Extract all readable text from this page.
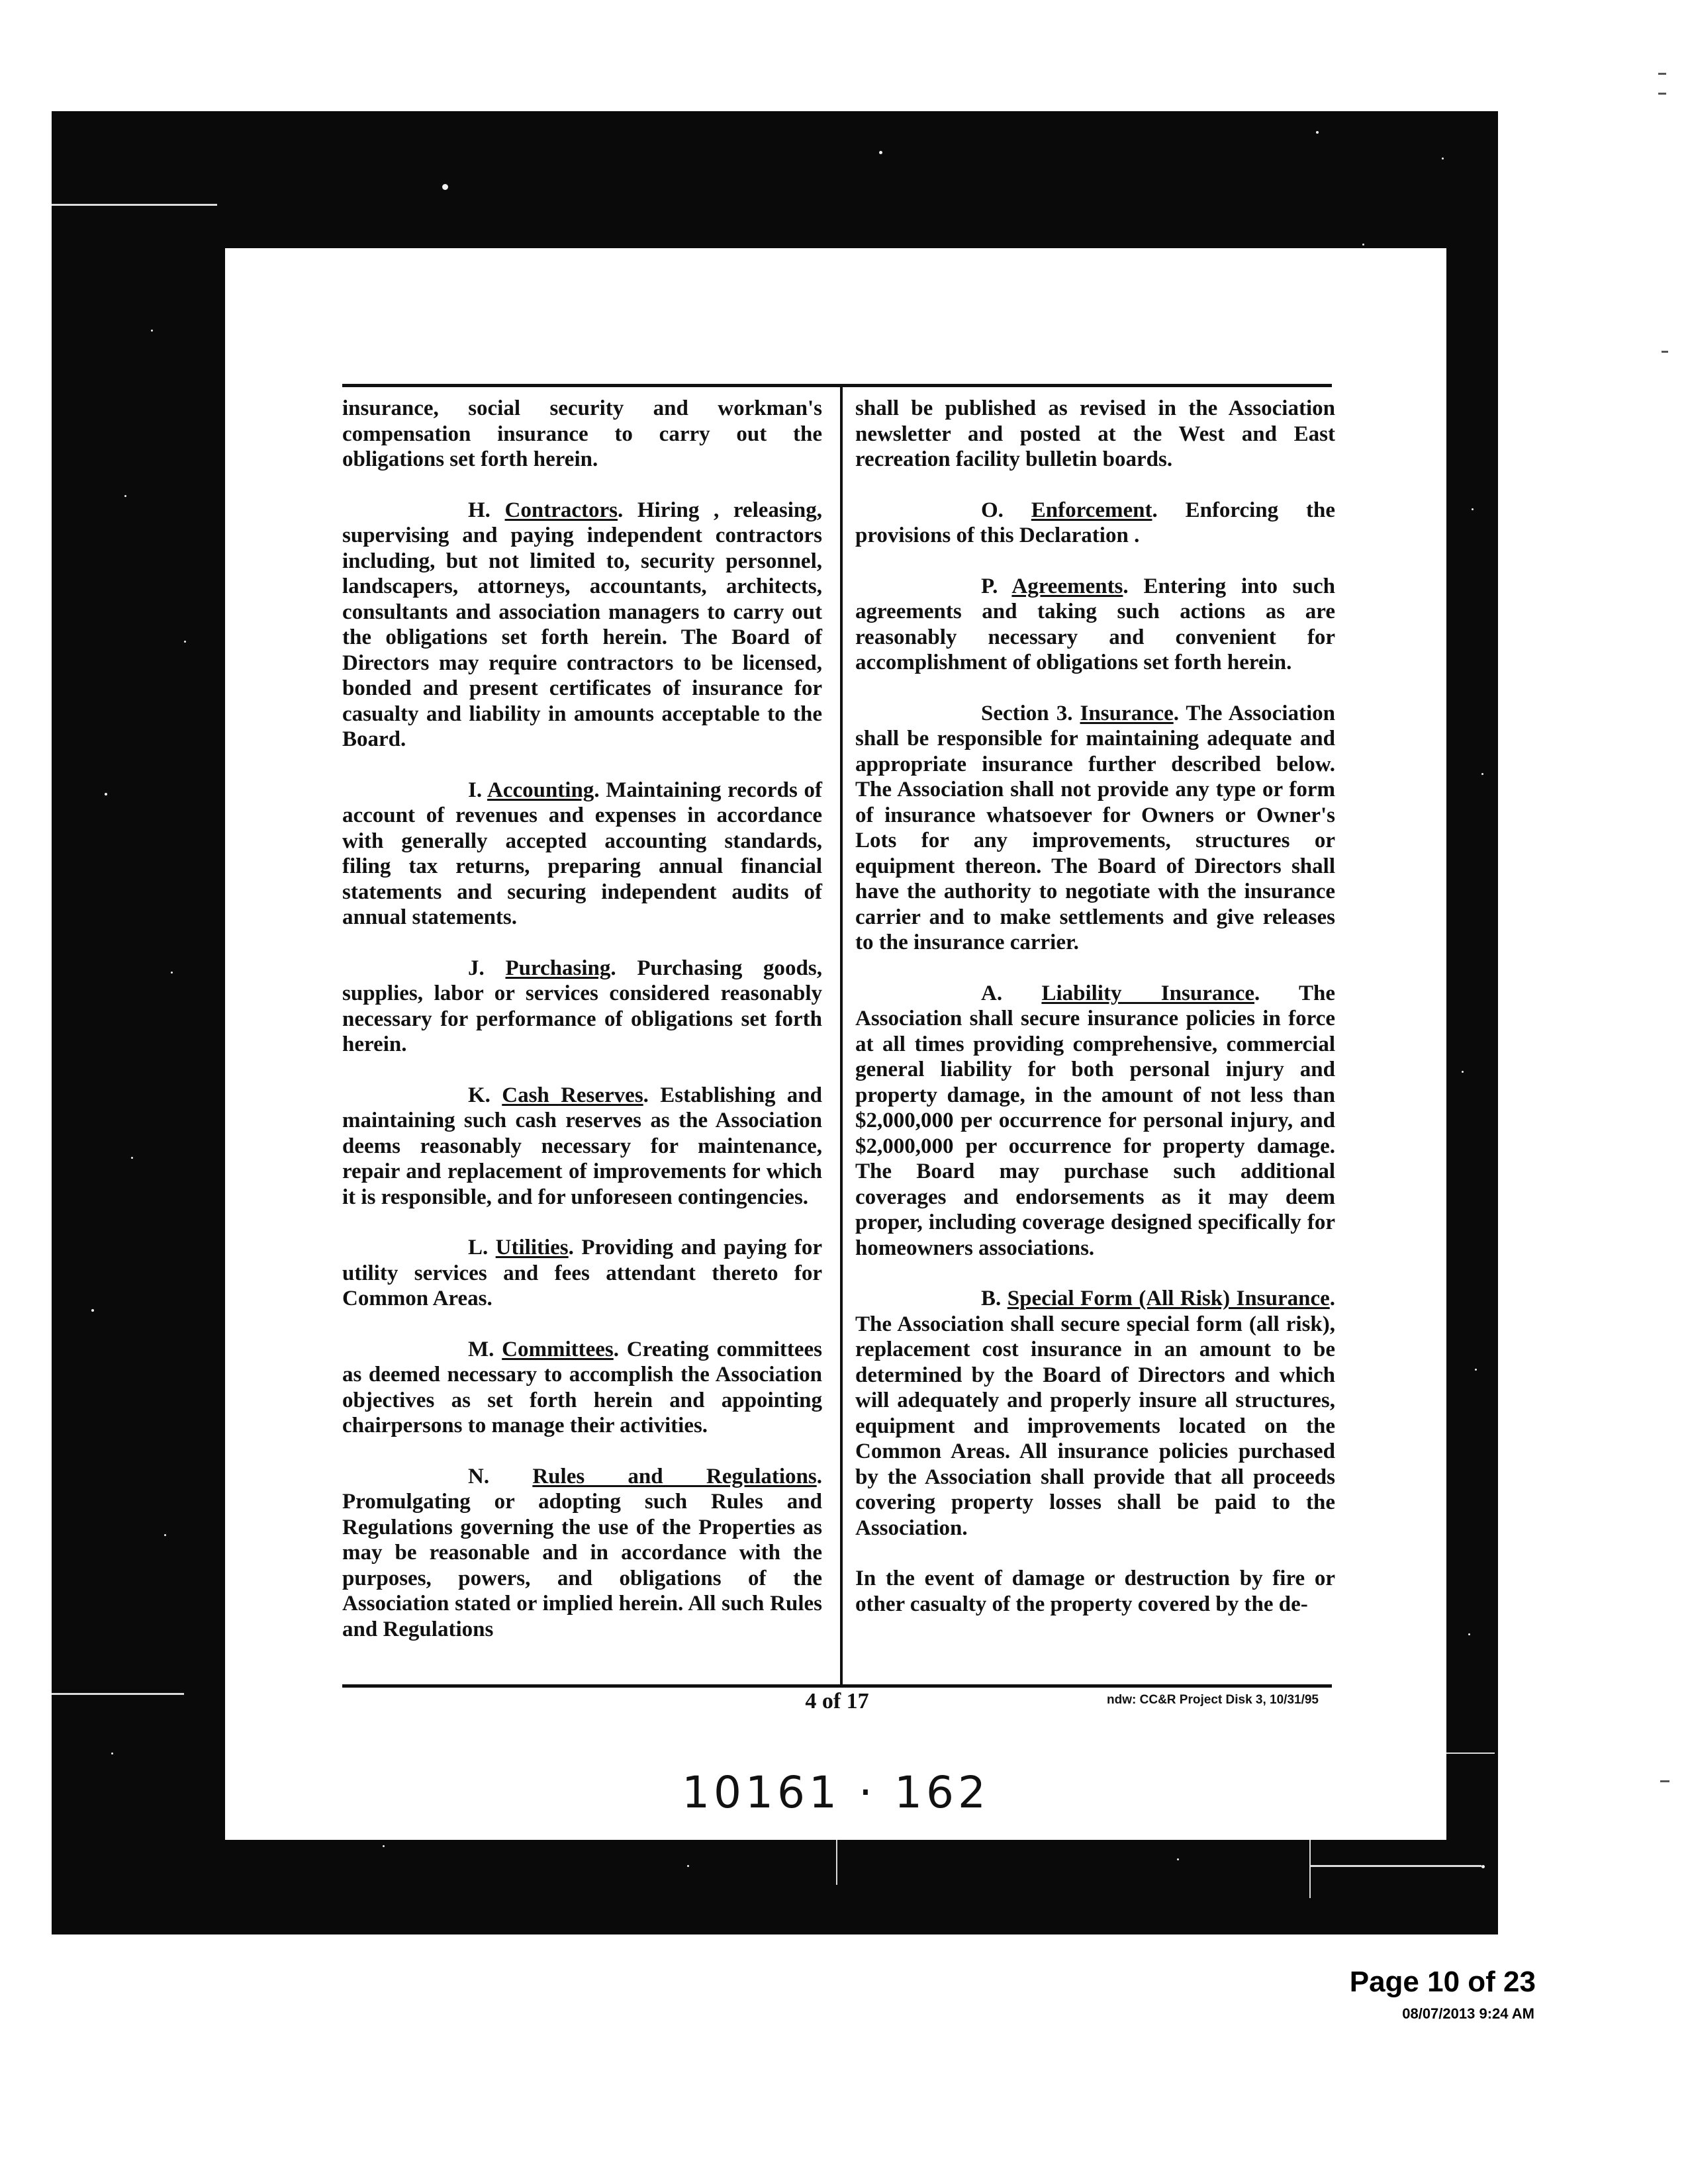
insurance, social security and workman's compensation insurance to carry out the obligations set forth herein.

H. Contractors. Hiring , releasing, supervising and paying independent contractors including, but not limited to, security personnel, landscapers, attorneys, accountants, architects, consultants and association managers to carry out the obligations set forth herein. The Board of Directors may require contractors to be licensed, bonded and present certificates of insurance for casualty and liability in amounts acceptable to the Board.

I. Accounting. Maintaining records of account of revenues and expenses in accordance with generally accepted accounting standards, filing tax returns, preparing annual financial statements and securing independent audits of annual statements.

J. Purchasing. Purchasing goods, supplies, labor or services considered reasonably necessary for performance of obligations set forth herein.

K. Cash Reserves. Establishing and maintaining such cash reserves as the Association deems reasonably necessary for maintenance, repair and replacement of improvements for which it is responsible, and for unforeseen contingencies.

L. Utilities. Providing and paying for utility services and fees attendant thereto for Common Areas.

M. Committees. Creating committees as deemed necessary to accomplish the Association objectives as set forth herein and appointing chairpersons to manage their activities.

N. Rules and Regulations. Promulgating or adopting such Rules and Regulations governing the use of the Properties as may be reasonable and in accordance with the purposes, powers, and obligations of the Association stated or implied herein. All such Rules and Regulations

shall be published as revised in the Association newsletter and posted at the West and East recreation facility bulletin boards.

O. Enforcement. Enforcing the provisions of this Declaration .

P. Agreements. Entering into such agreements and taking such actions as are reasonably necessary and convenient for accomplishment of obligations set forth herein.

Section 3. Insurance. The Association shall be responsible for maintaining adequate and appropriate insurance further described below. The Association shall not provide any type or form of insurance whatsoever for Owners or Owner's Lots for any improvements, structures or equipment thereon. The Board of Directors shall have the authority to negotiate with the insurance carrier and to make settlements and give releases to the insurance carrier.

A. Liability Insurance. The Association shall secure insurance policies in force at all times providing comprehensive, commercial general liability for both personal injury and property damage, in the amount of not less than $2,000,000 per occurrence for personal injury, and $2,000,000 per occurrence for property damage. The Board may purchase such additional coverages and endorsements as it may deem proper, including coverage designed specifically for homeowners associations.

B. Special Form (All Risk) Insurance. The Association shall secure special form (all risk), replacement cost insurance in an amount to be determined by the Board of Directors and which will adequately and properly insure all structures, equipment and improvements located on the Common Areas. All insurance policies purchased by the Association shall provide that all proceeds covering property losses shall be paid to the Association.

In the event of damage or destruction by fire or other casualty of the property covered by the de-

4 of 17	ndw: CC&R Project Disk 3, 10/31/95
10161 · 162
Page 10 of 23
08/07/2013 9:24 AM
